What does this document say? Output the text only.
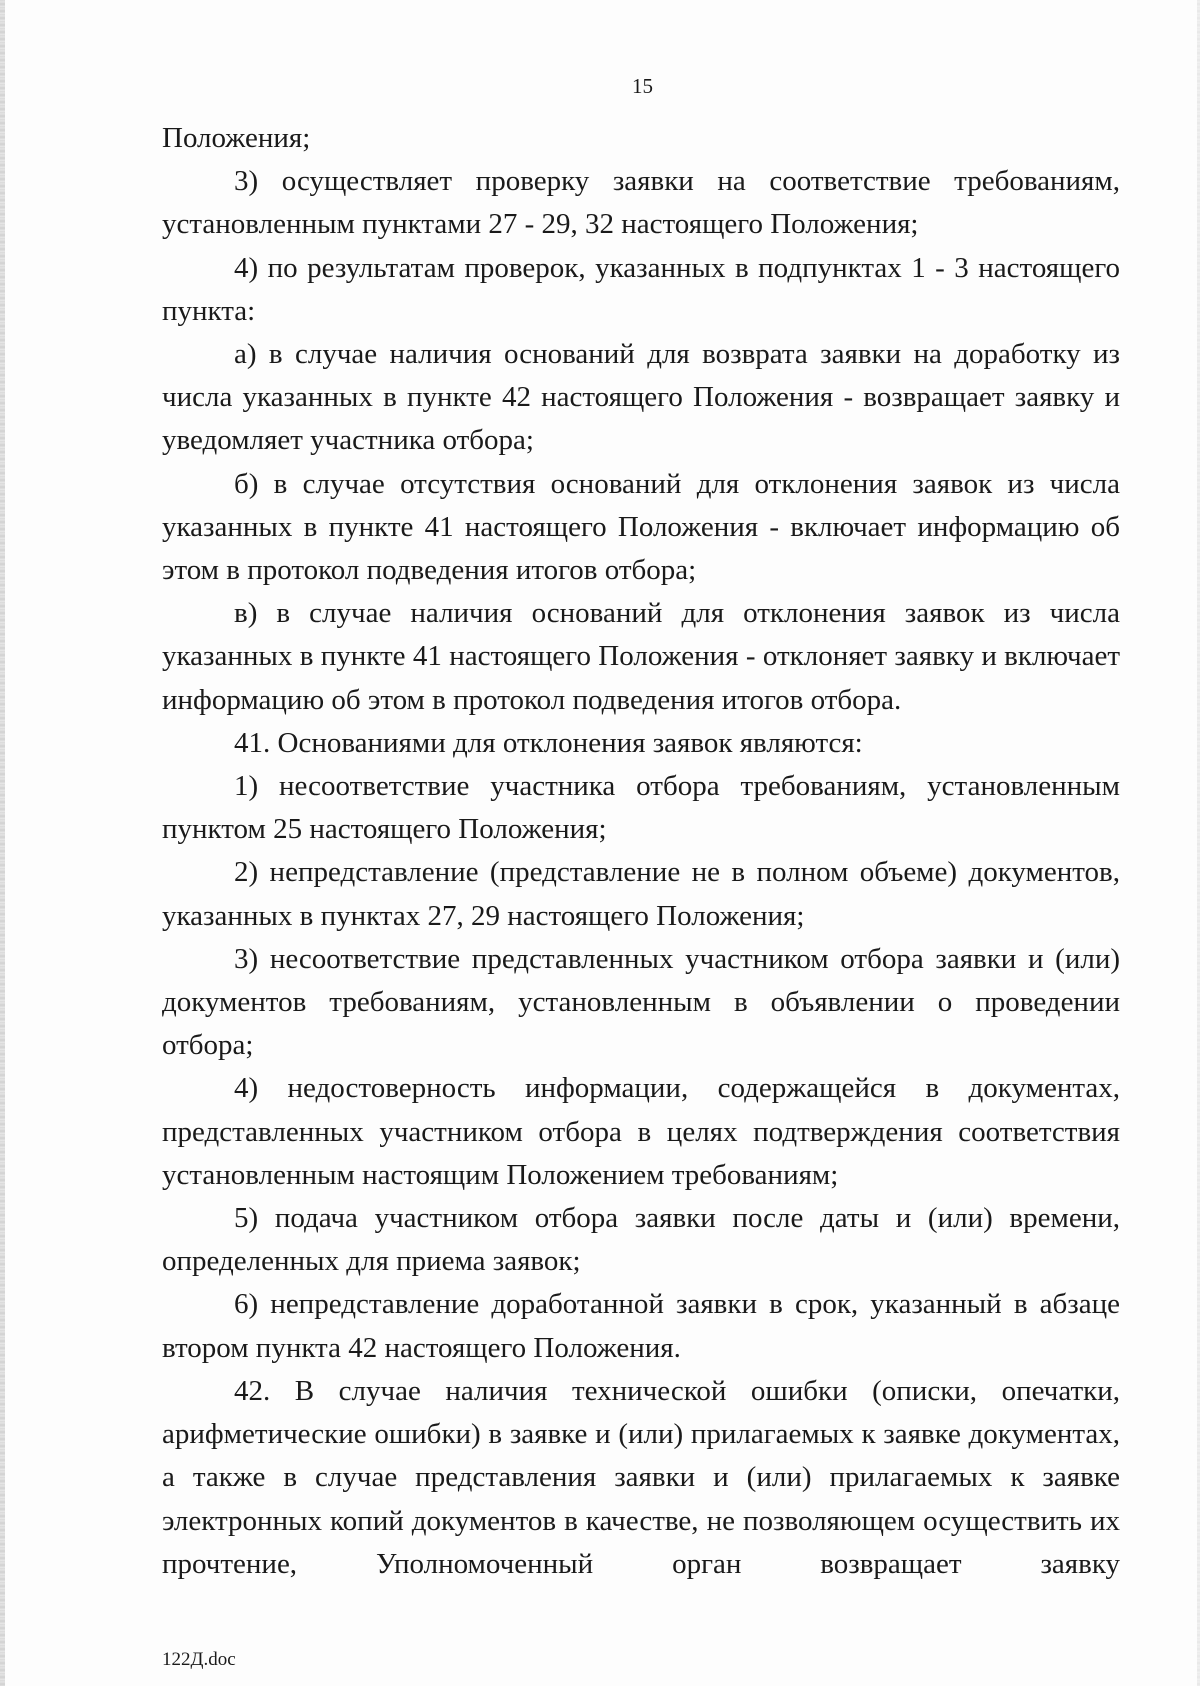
15

Положения;

3) осуществляет проверку заявки на соответствие требованиям, установленным пунктами 27 - 29, 32 настоящего Положения;

4) по результатам проверок, указанных в подпунктах 1 - 3 настоящего пункта:

а) в случае наличия оснований для возврата заявки на доработку из числа указанных в пункте 42 настоящего Положения - возвращает заявку и уведомляет участника отбора;

б) в случае отсутствия оснований для отклонения заявок из числа указанных в пункте 41 настоящего Положения - включает информацию об этом в протокол подведения итогов отбора;

в) в случае наличия оснований для отклонения заявок из числа указанных в пункте 41 настоящего Положения - отклоняет заявку и включает информацию об этом в протокол подведения итогов отбора.

41. Основаниями для отклонения заявок являются:

1) несоответствие участника отбора требованиям, установленным пунктом 25 настоящего Положения;

2) непредставление (представление не в полном объеме) документов, указанных в пунктах 27, 29 настоящего Положения;

3) несоответствие представленных участником отбора заявки и (или) документов требованиям, установленным в объявлении о проведении отбора;

4) недостоверность информации, содержащейся в документах, представленных участником отбора в целях подтверждения соответствия установленным настоящим Положением требованиям;

5) подача участником отбора заявки после даты и (или) времени, определенных для приема заявок;

6) непредставление доработанной заявки в срок, указанный в абзаце втором пункта 42 настоящего Положения.

42. В случае наличия технической ошибки (описки, опечатки, арифметические ошибки) в заявке и (или) прилагаемых к заявке документах, а также в случае представления заявки и (или) прилагаемых к заявке электронных копий документов в качестве, не позволяющем осуществить их прочтение, Уполномоченный орган возвращает заявку

122Д.doc
